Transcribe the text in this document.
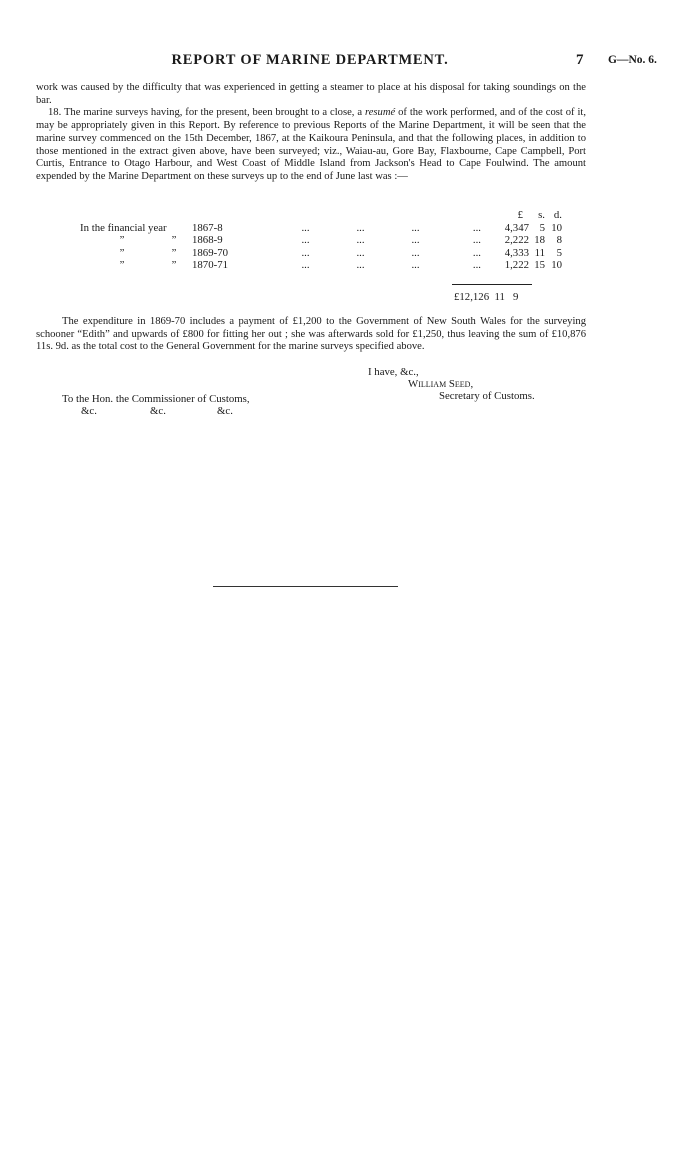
REPORT OF MARINE DEPARTMENT.	7 G—No. 6.

work was caused by the difficulty that was experienced in getting a steamer to place at his disposal for taking soundings on the bar.

18. The marine surveys having, for the present, been brought to a close, a resumé of the work performed, and of the cost of it, may be appropriately given in this Report. By reference to previous Reports of the Marine Department, it will be seen that the marine survey commenced on the 15th December, 1867, at the Kaikoura Peninsula, and that the following places, in addition to those mentioned in the extract given above, have been surveyed; viz., Waiau-au, Gore Bay, Flaxbourne, Cape Campbell, Port Curtis, Entrance to Otago Harbour, and West Coast of Middle Island from Jackson's Head to Cape Foulwind. The amount expended by the Marine Department on these surveys up to the end of June last was :—

						£	s.	d.
In the financial year	1867-8	...	...	...	...	4,347	5	10
” ”	1868-9	...	...	...	...	2,222	18	8
” ”	1869-70	...	...	...	...	4,333	11	5
” ”	1870-71	...	...	...	...	1,222	15	10
£12,126 11 9

The expenditure in 1869-70 includes a payment of £1,200 to the Government of New South Wales for the surveying schooner “Edith” and upwards of £800 for fitting her out ; she was afterwards sold for £1,250, thus leaving the sum of £10,876 11s. 9d. as the total cost to the General Government for the marine surveys specified above.

I have, &c.,
William Seed,
Secretary of Customs.
To the Hon. the Commissioner of Customs,
&c.	&c.	&c.
